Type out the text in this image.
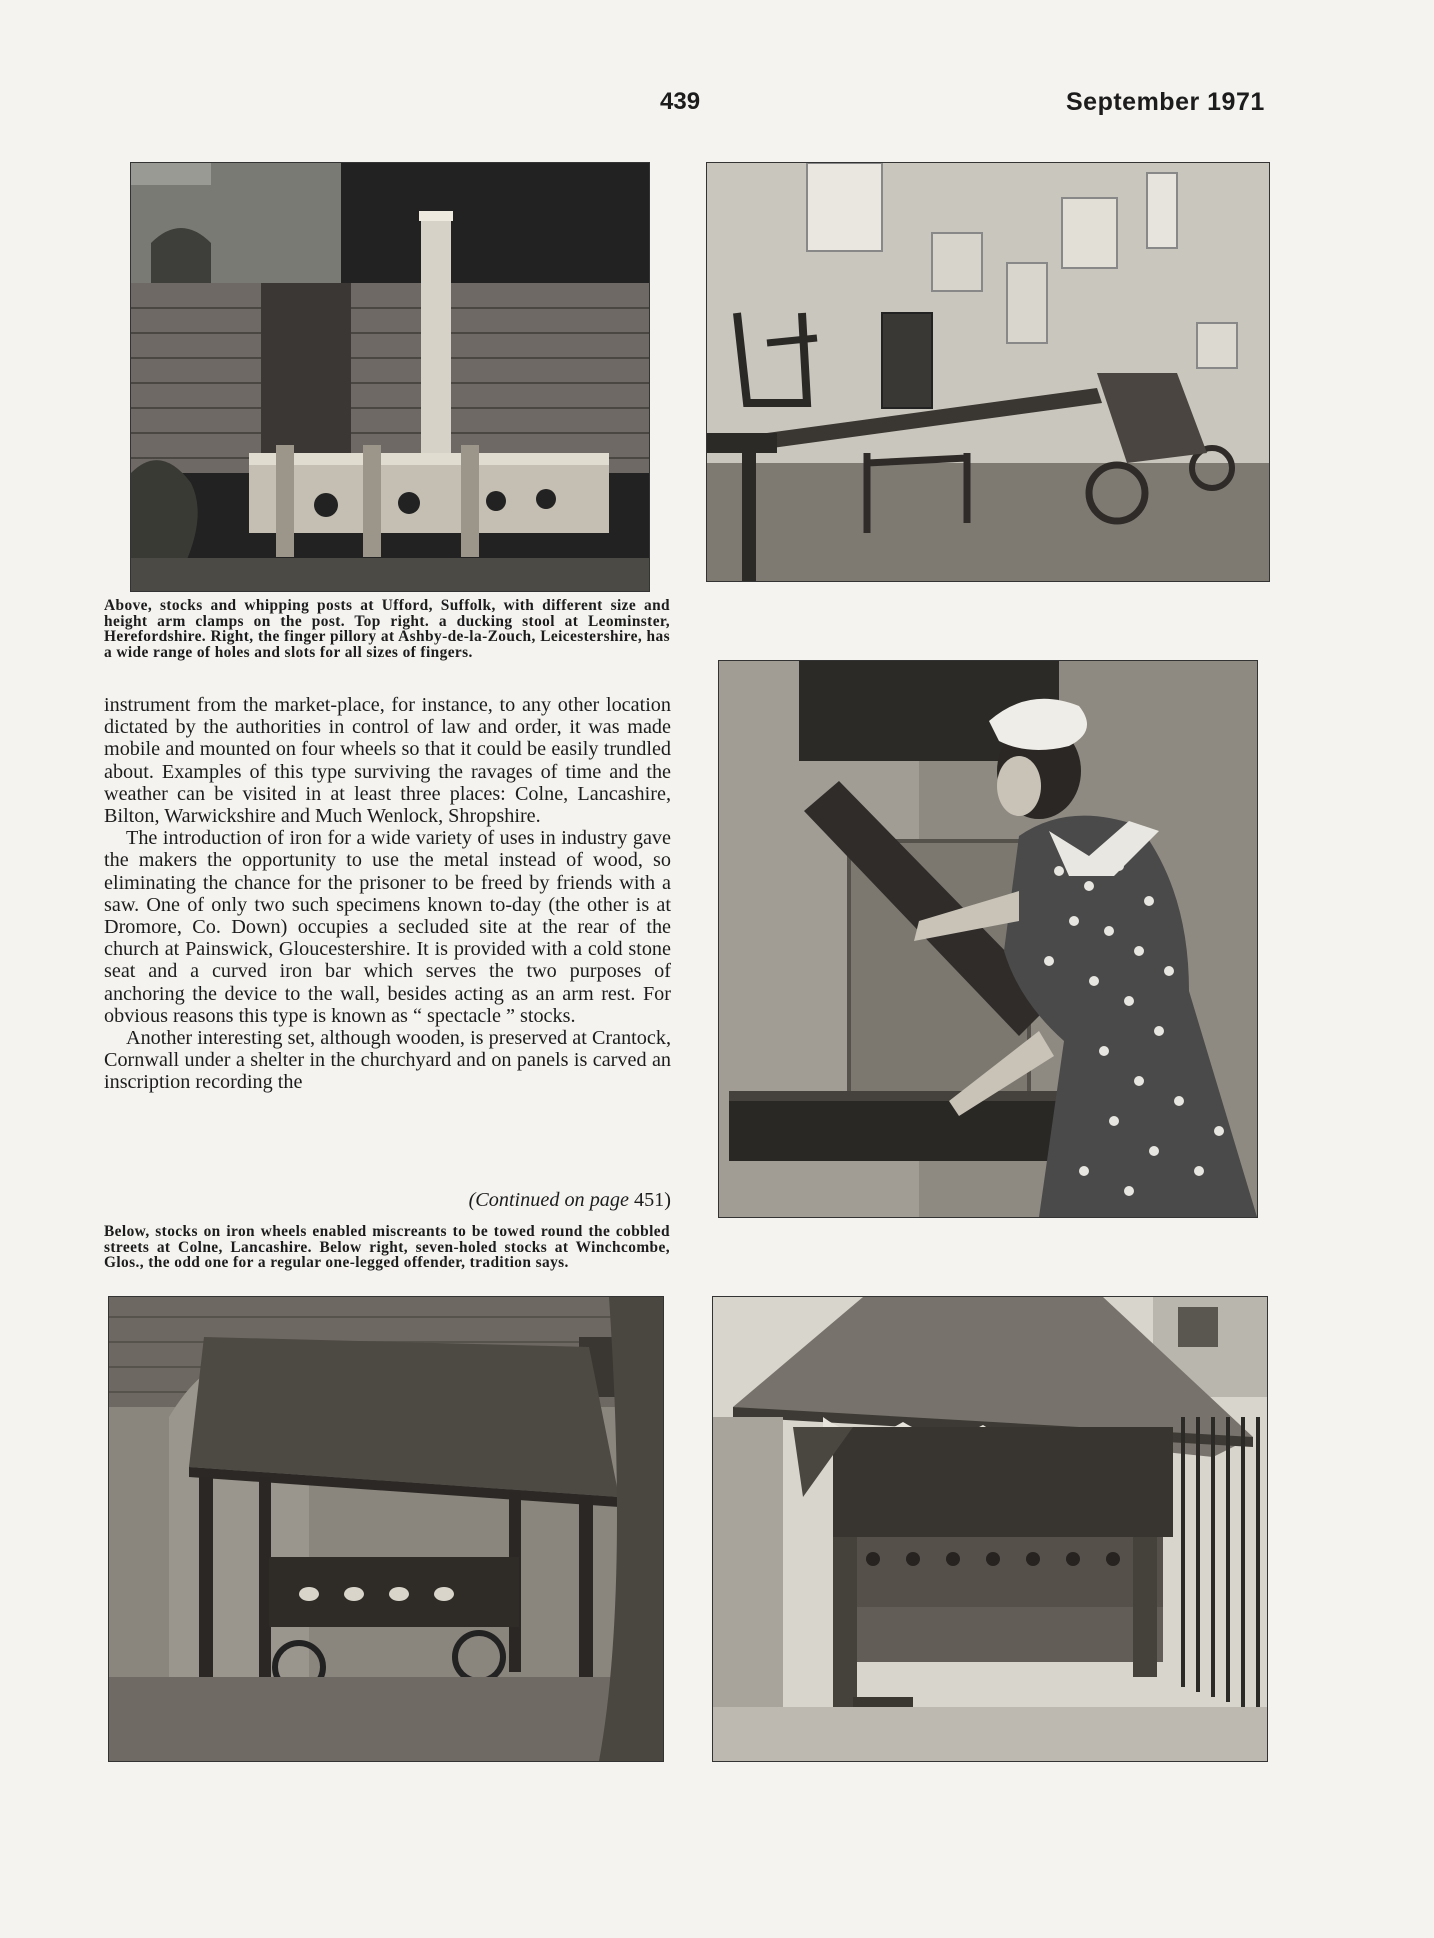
439	September 1971
Above, stocks and whipping posts at Ufford, Suffolk, with different size and height arm clamps on the post. Top right. a ducking stool at Leominster, Herefordshire. Right, the finger pillory at Ashby-de-la-Zouch, Leicestershire, has a wide range of holes and slots for all sizes of fingers.

instrument from the market-place, for instance, to any other location dictated by the authorities in control of law and order, it was made mobile and mounted on four wheels so that it could be easily trundled about. Examples of this type surviving the ravages of time and the weather can be visited in at least three places: Colne, Lancashire, Bilton, Warwickshire and Much Wenlock, Shropshire.

The introduction of iron for a wide variety of uses in industry gave the makers the opportunity to use the metal instead of wood, so eliminating the chance for the prisoner to be freed by friends with a saw. One of only two such specimens known to-day (the other is at Dromore, Co. Down) occupies a secluded site at the rear of the church at Painswick, Gloucestershire. It is provided with a cold stone seat and a curved iron bar which serves the two purposes of anchoring the device to the wall, besides acting as an arm rest. For obvious reasons this type is known as “ spectacle ” stocks.

Another interesting set, although wooden, is preserved at Crantock, Cornwall under a shelter in the churchyard and on panels is carved an inscription recording the

(Continued on page 451)
Below, stocks on iron wheels enabled miscreants to be towed round the cobbled streets at Colne, Lancashire. Below right, seven-holed stocks at Winchcombe, Glos., the odd one for a regular one-legged offender, tradition says.
